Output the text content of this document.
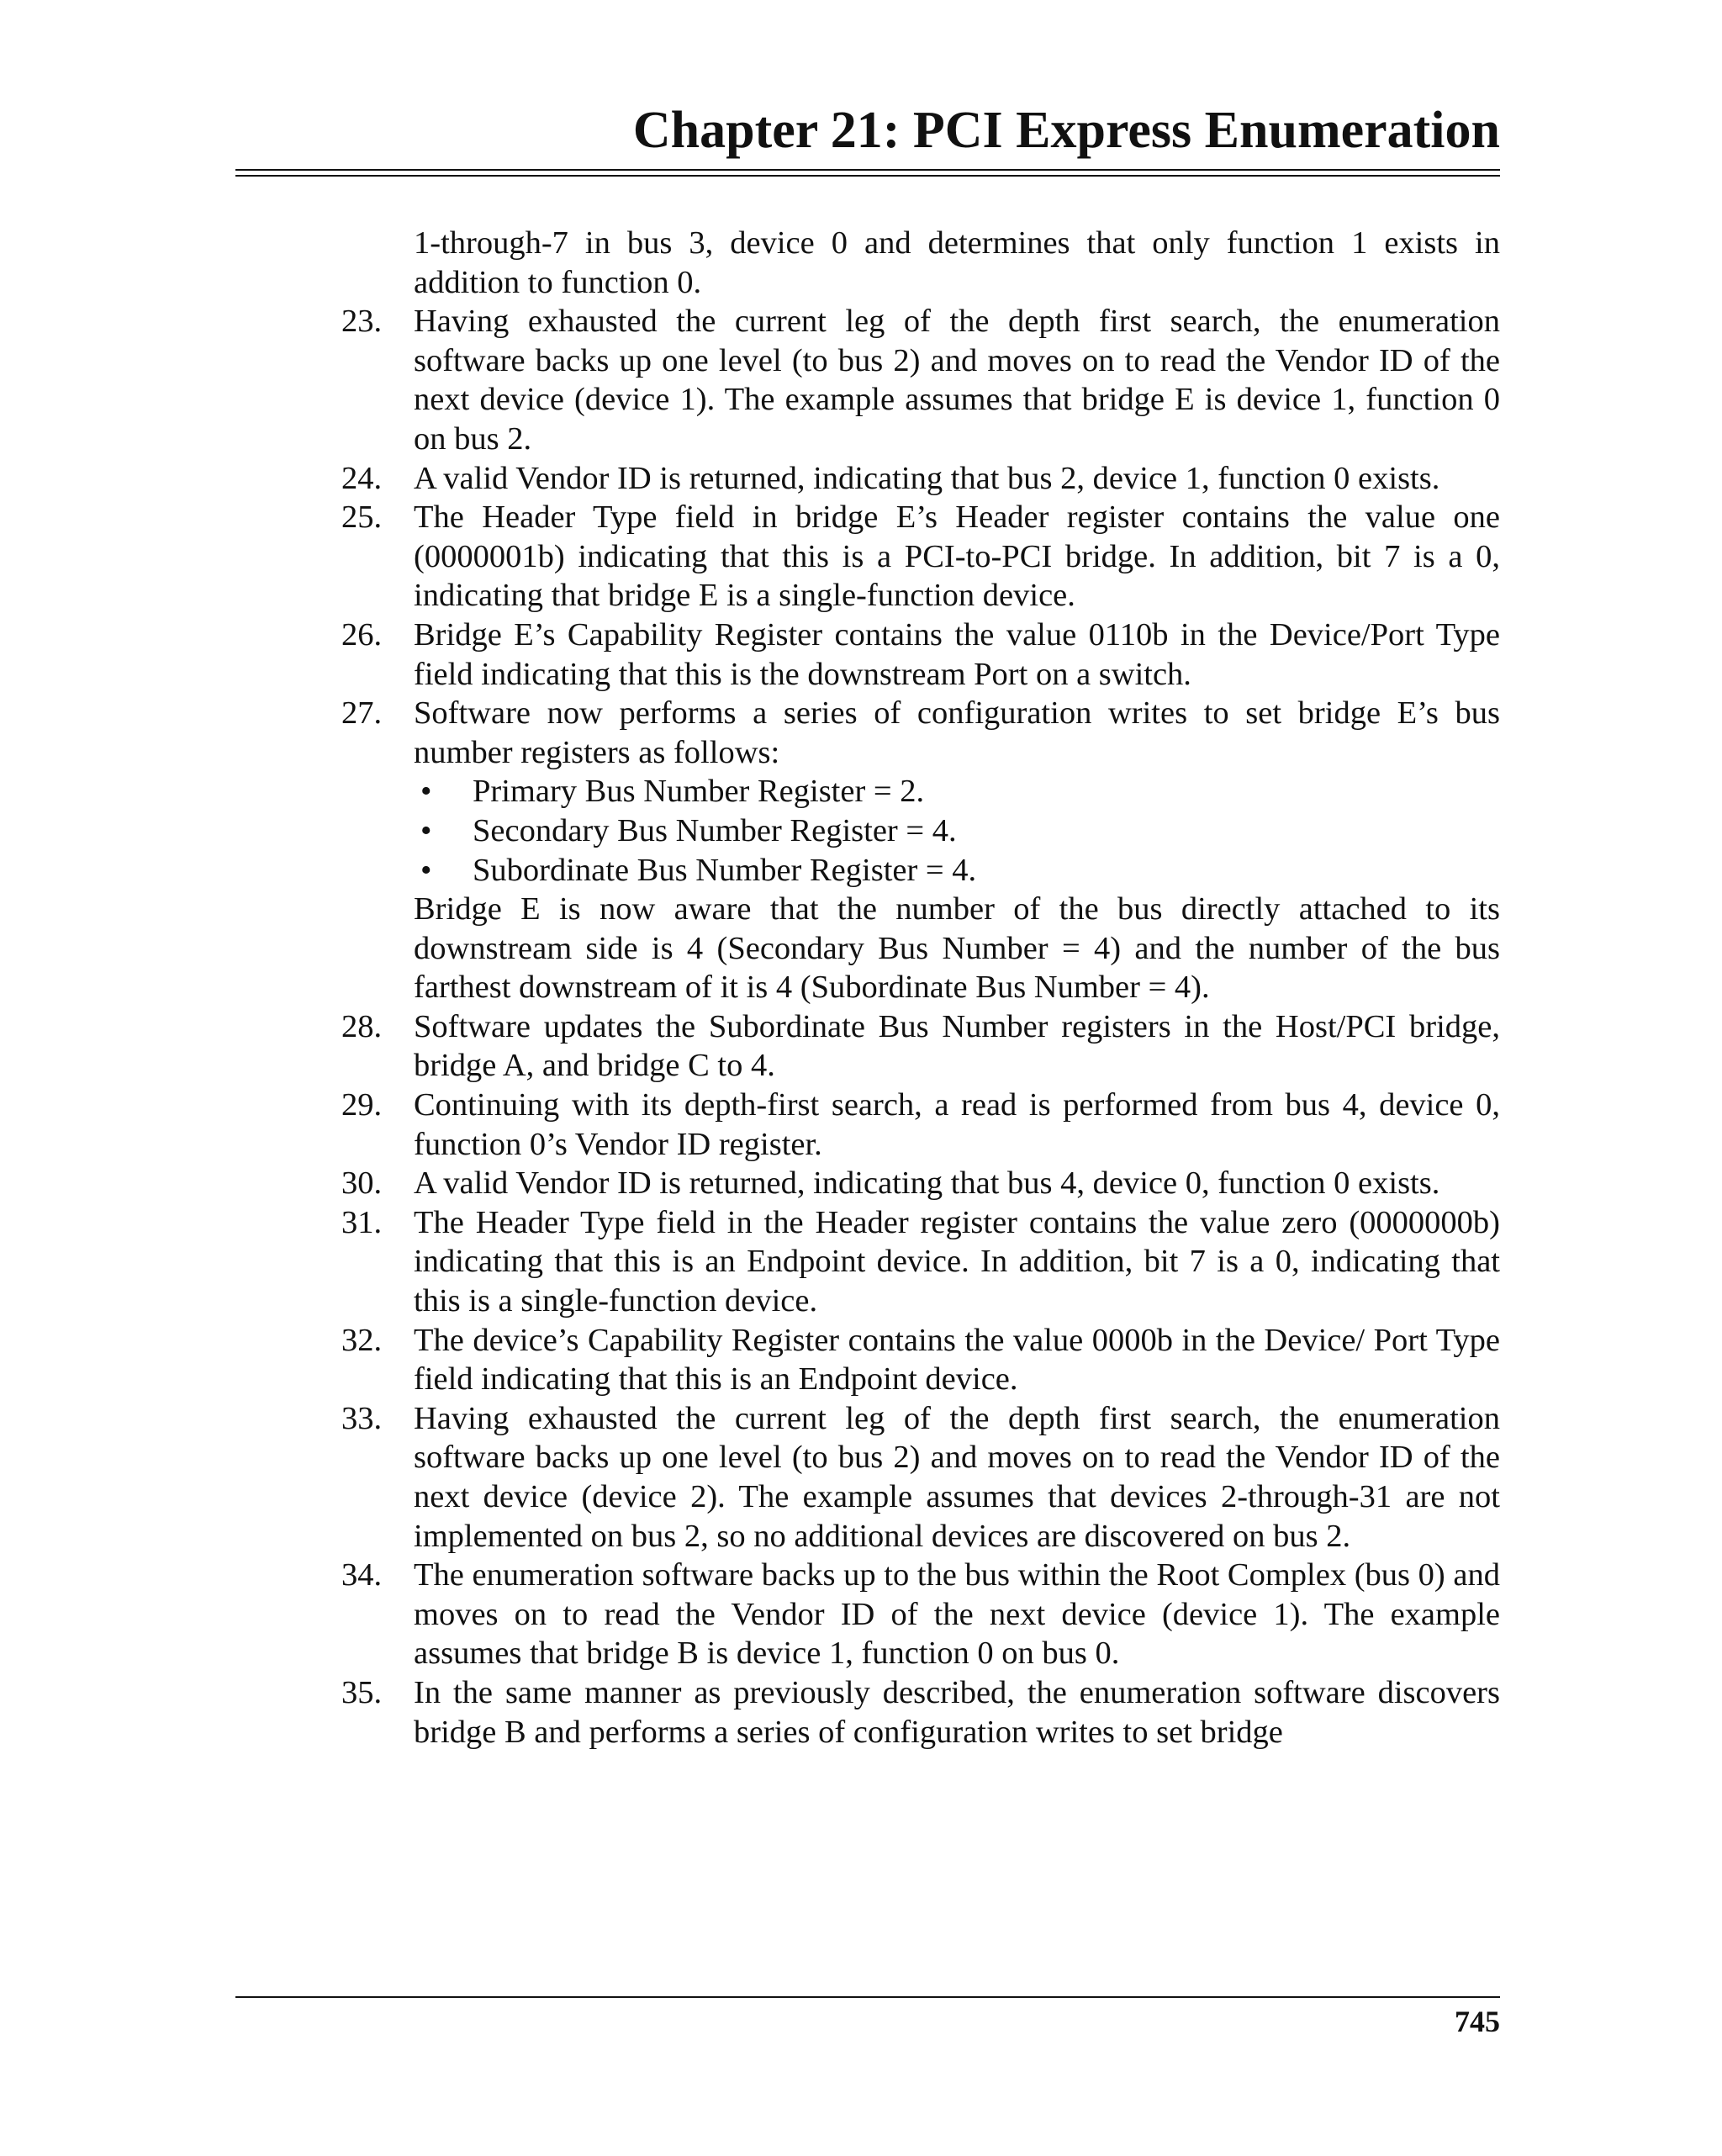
Chapter 21: PCI Express Enumeration

1-through-7 in bus 3, device 0 and determines that only function 1 exists in addition to function 0.

23. Having exhausted the current leg of the depth first search, the enumeration software backs up one level (to bus 2) and moves on to read the Vendor ID of the next device (device 1). The example assumes that bridge E is device 1, function 0 on bus 2.
24. A valid Vendor ID is returned, indicating that bus 2, device 1, function 0 exists.
25. The Header Type field in bridge E’s Header register contains the value one (0000001b) indicating that this is a PCI-to-PCI bridge. In addition, bit 7 is a 0, indicating that bridge E is a single-function device.
26. Bridge E’s Capability Register contains the value 0110b in the Device/Port Type field indicating that this is the downstream Port on a switch.
27. Software now performs a series of configuration writes to set bridge E’s bus number registers as follows:
• Primary Bus Number Register = 2.
• Secondary Bus Number Register = 4.
• Subordinate Bus Number Register = 4.

Bridge E is now aware that the number of the bus directly attached to its downstream side is 4 (Secondary Bus Number = 4) and the number of the bus farthest downstream of it is 4 (Subordinate Bus Number = 4).

28. Software updates the Subordinate Bus Number registers in the Host/PCI bridge, bridge A, and bridge C to 4.
29. Continuing with its depth-first search, a read is performed from bus 4, device 0, function 0’s Vendor ID register.
30. A valid Vendor ID is returned, indicating that bus 4, device 0, function 0 exists.
31. The Header Type field in the Header register contains the value zero (0000000b) indicating that this is an Endpoint device. In addition, bit 7 is a 0, indicating that this is a single-function device.
32. The device’s Capability Register contains the value 0000b in the Device/ Port Type field indicating that this is an Endpoint device.
33. Having exhausted the current leg of the depth first search, the enumeration software backs up one level (to bus 2) and moves on to read the Vendor ID of the next device (device 2). The example assumes that devices 2-through-31 are not implemented on bus 2, so no additional devices are discovered on bus 2.
34. The enumeration software backs up to the bus within the Root Complex (bus 0) and moves on to read the Vendor ID of the next device (device 1). The example assumes that bridge B is device 1, function 0 on bus 0.
35. In the same manner as previously described, the enumeration software discovers bridge B and performs a series of configuration writes to set bridge
745
